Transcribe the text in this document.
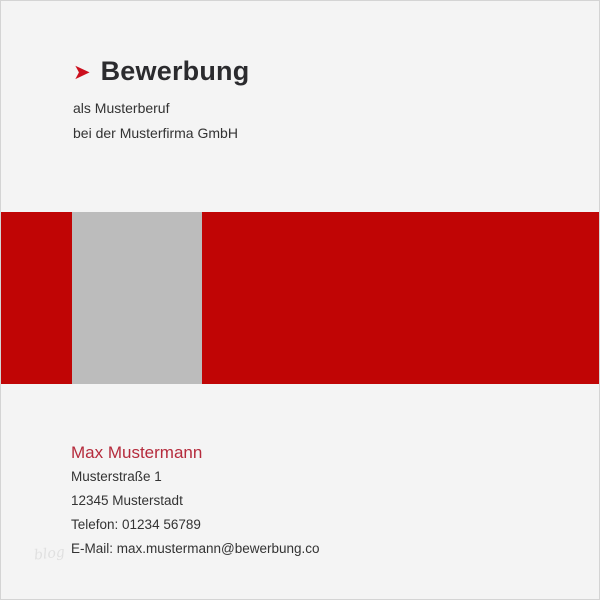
➤ Bewerbung
als Musterberuf
bei der Musterfirma GmbH
Max Mustermann
Musterstraße 1
12345 Musterstadt
Telefon: 01234 56789
E-Mail: max.mustermann@bewerbung.co
blog
